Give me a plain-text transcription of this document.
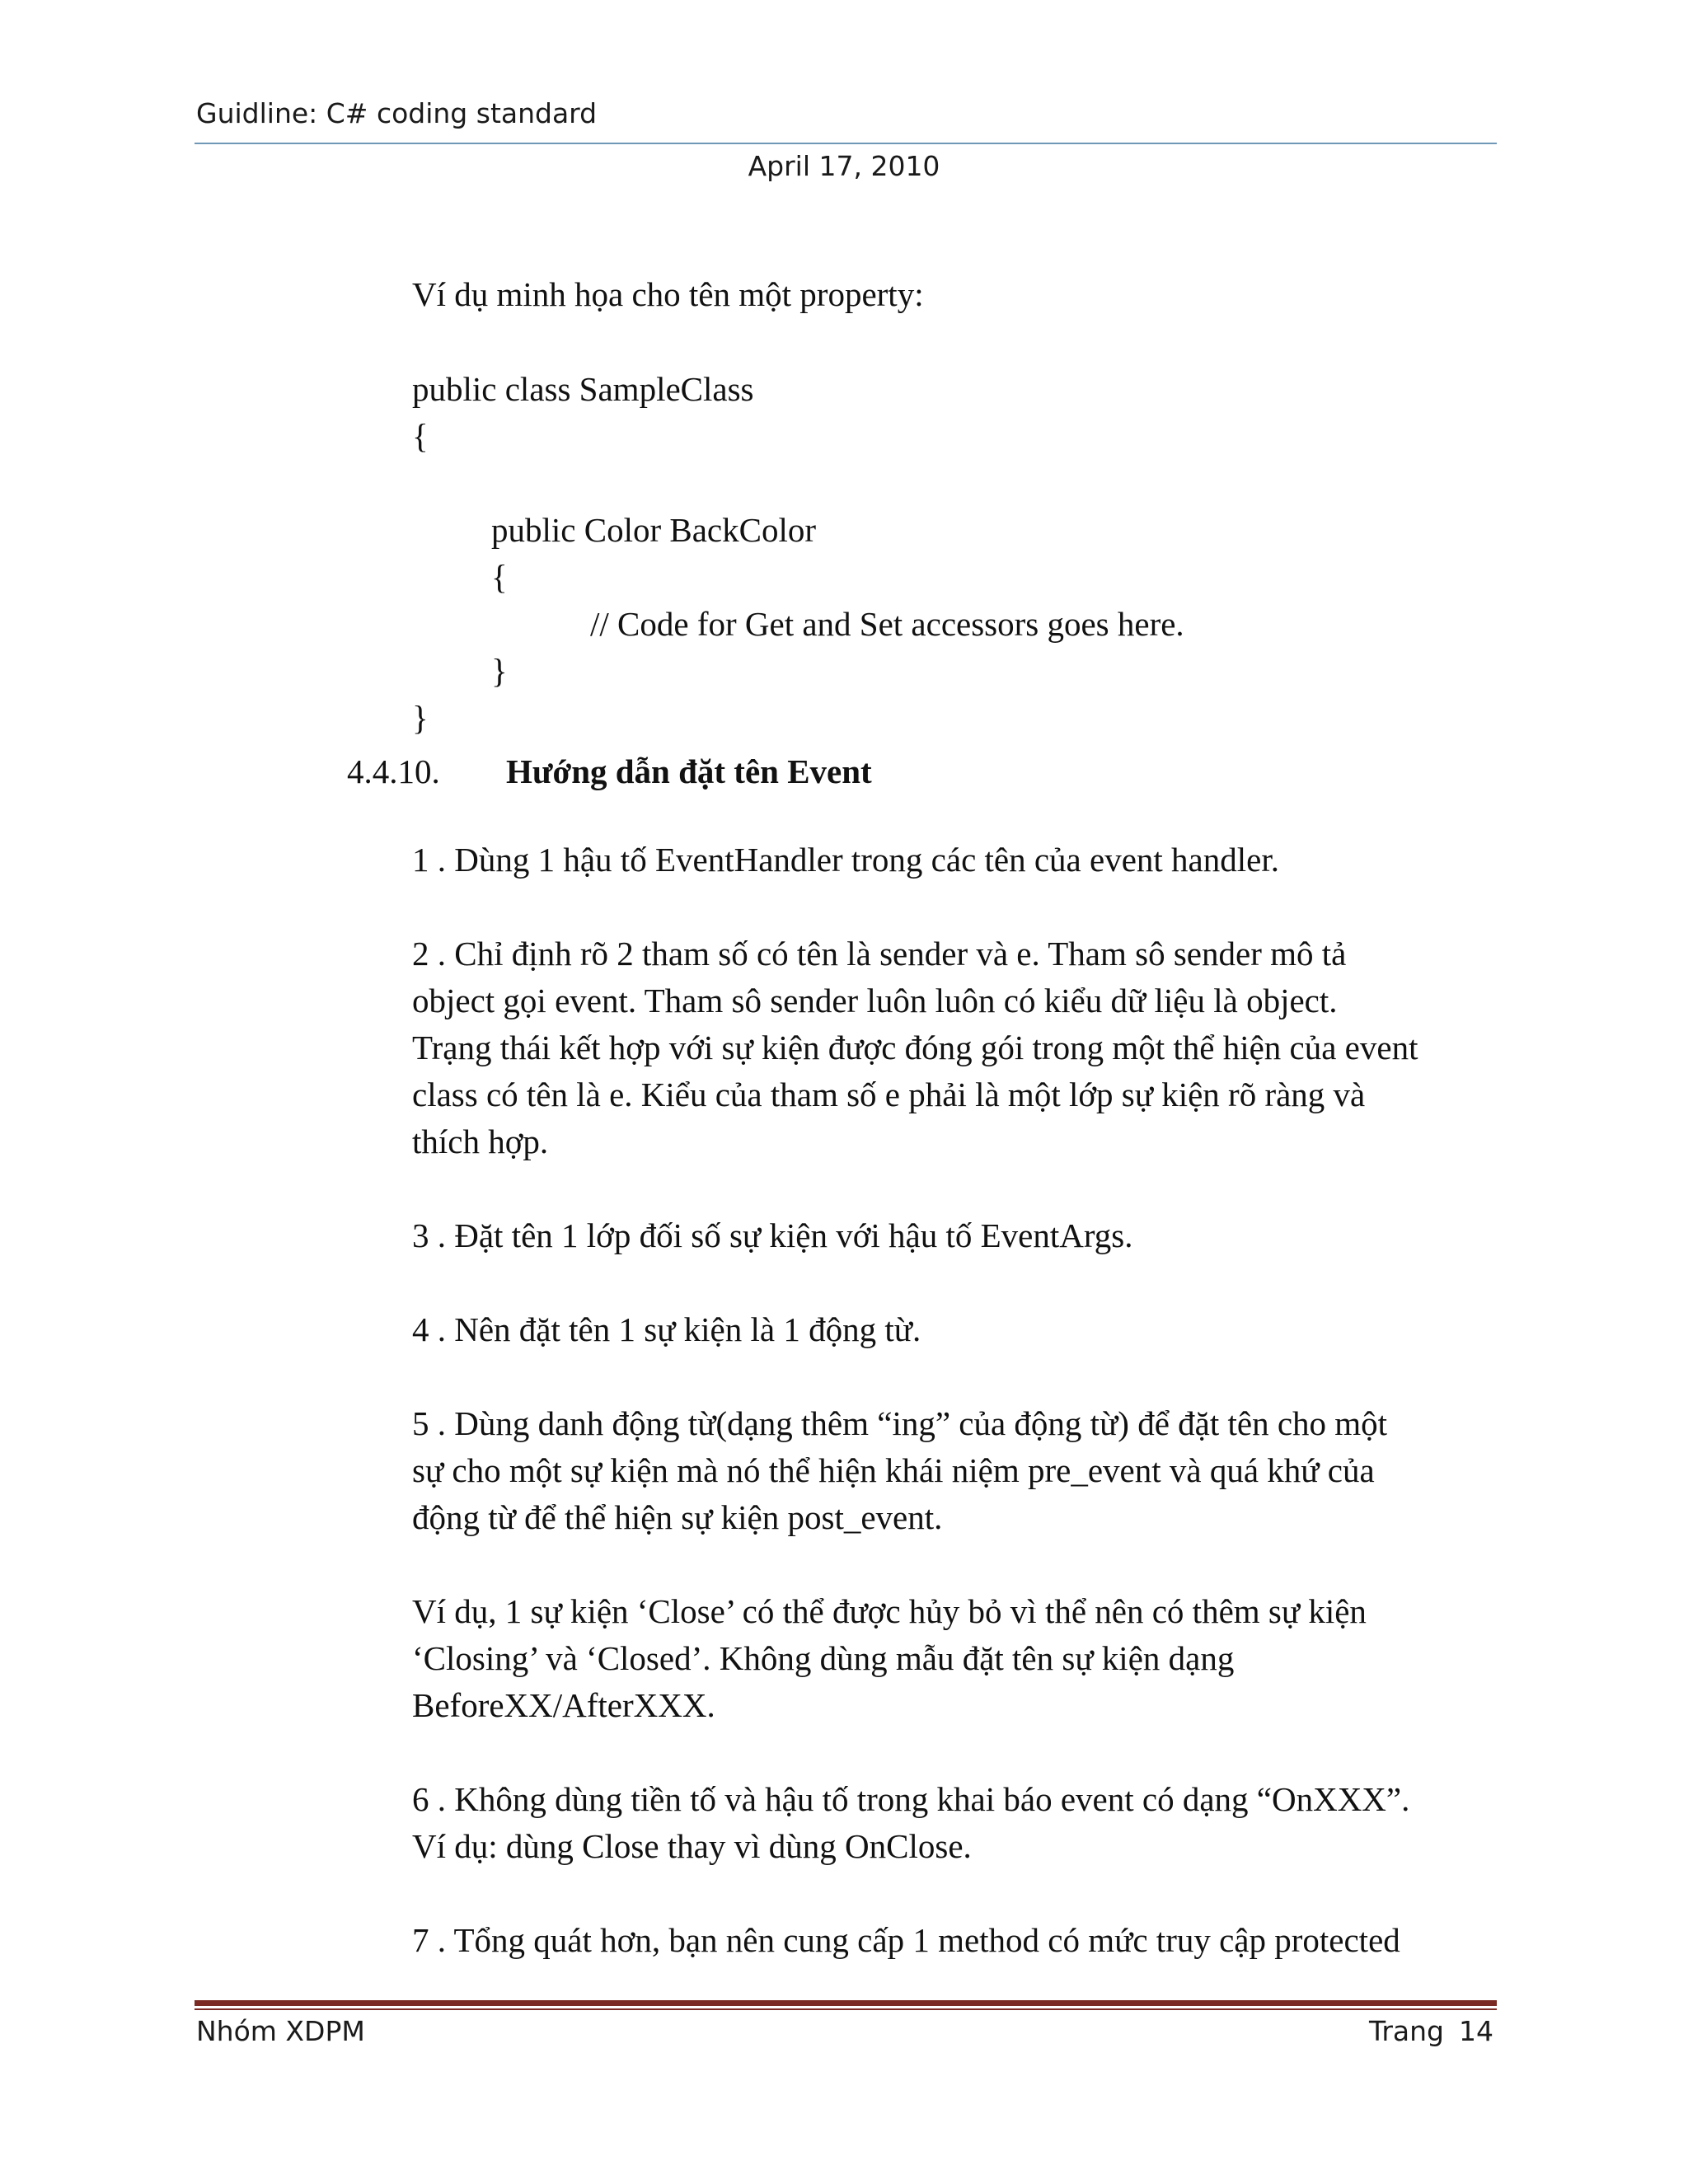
Guidline: C# coding standard
April 17, 2010
Ví dụ minh họa cho tên một property:
public class SampleClass
{
public Color BackColor
{
// Code for Get and Set accessors goes here.
}
}
4.4.10. Hướng dẫn đặt tên Event
1 . Dùng 1 hậu tố EventHandler trong các tên của event handler.
2 . Chỉ định rõ 2 tham số có tên là sender và e. Tham sô sender mô tả
object gọi event. Tham sô sender luôn luôn có kiểu dữ liệu là object.
Trạng thái kết hợp với sự kiện được đóng gói trong một thể hiện của event
class có tên là e. Kiểu của tham số e phải là một lớp sự kiện rõ ràng và
thích hợp.
3 . Đặt tên 1 lớp đối số sự kiện với hậu tố EventArgs.
4 . Nên đặt tên 1 sự kiện là 1 động từ.
5 . Dùng danh động từ(dạng thêm “ing” của động từ) để đặt tên cho một
sự cho một sự kiện mà nó thể hiện khái niệm pre_event và quá khứ của
động từ để thể hiện sự kiện post_event.
Ví dụ, 1 sự kiện ‘Close’ có thể được hủy bỏ vì thể nên có thêm sự kiện
‘Closing’ và ‘Closed’. Không dùng mẫu đặt tên sự kiện dạng
BeforeXX/AfterXXX.
6 . Không dùng tiền tố và hậu tố trong khai báo event có dạng “OnXXX”.
Ví dụ: dùng Close thay vì dùng OnClose.
7 . Tổng quát hơn, bạn nên cung cấp 1 method có mức truy cập protected
Nhóm XDPM	Trang 14
